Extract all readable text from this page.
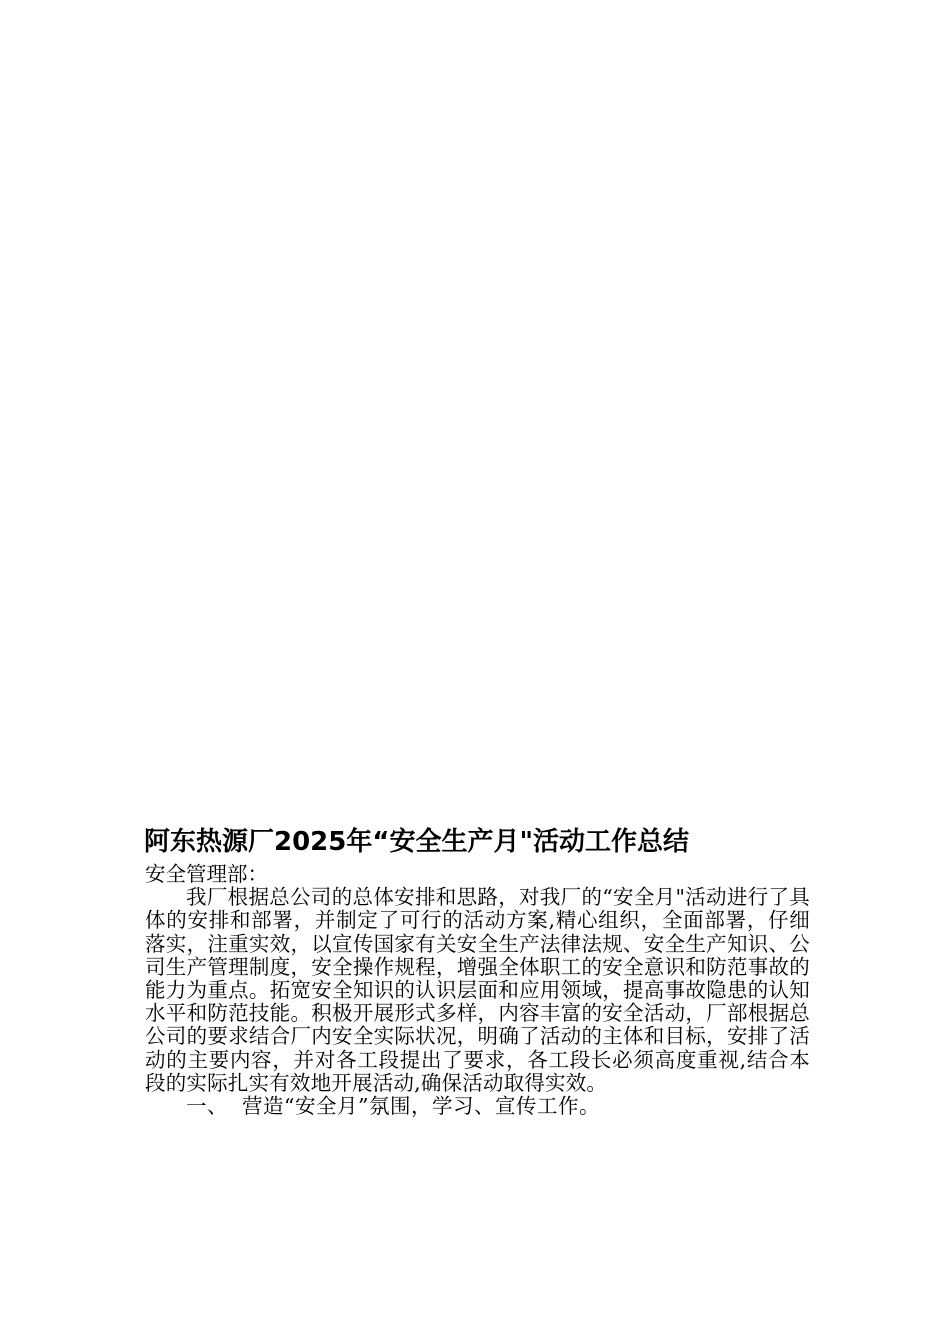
阿东热源厂2025年“安全生产月"活动工作总结

安全管理部：

我厂根据总公司的总体安排和思路，对我厂的“安全月"活动进行了具体的安排和部署，并制定了可行的活动方案,精心组织，全面部署，仔细落实，注重实效，以宣传国家有关安全生产法律法规、安全生产知识、公司生产管理制度，安全操作规程，增强全体职工的安全意识和防范事故的能力为重点。拓宽安全知识的认识层面和应用领域，提高事故隐患的认知水平和防范技能。积极开展形式多样，内容丰富的安全活动，厂部根据总公司的要求结合厂内安全实际状况，明确了活动的主体和目标，安排了活动的主要内容，并对各工段提出了要求，各工段长必须高度重视,结合本段的实际扎实有效地开展活动,确保活动取得实效。

一、  营造“安全月”氛围，学习、宣传工作。
